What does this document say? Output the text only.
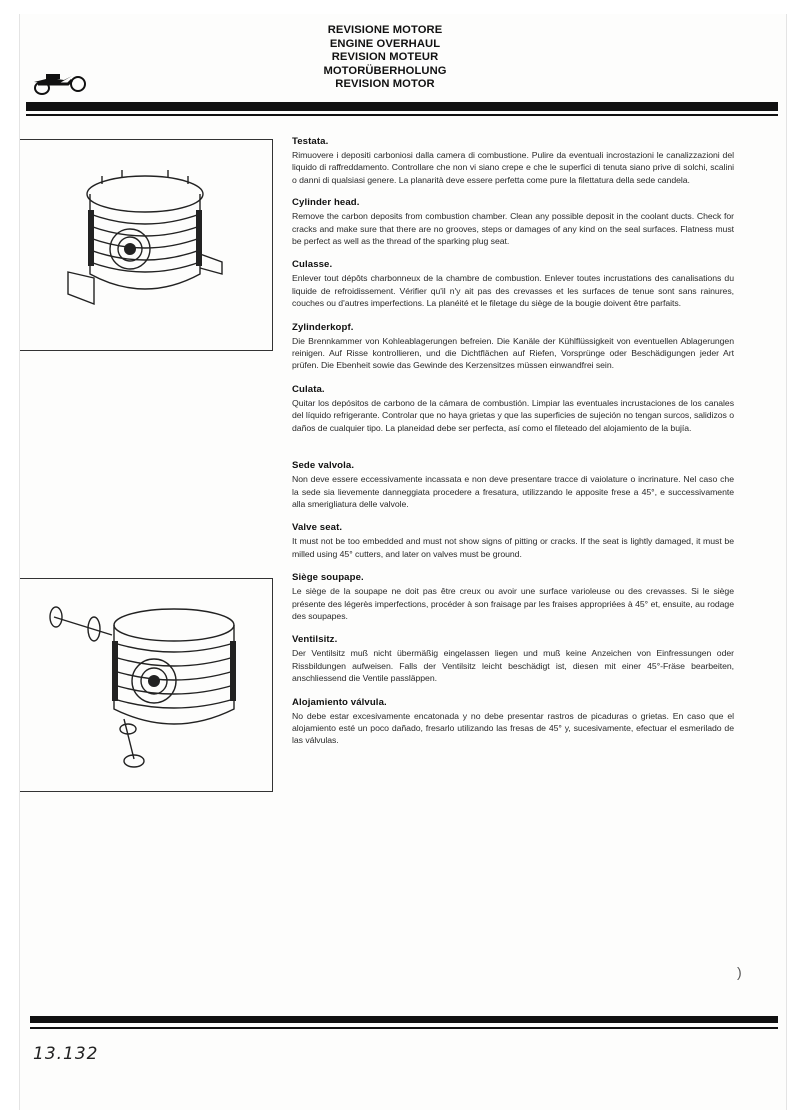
REVISIONE MOTORE
ENGINE OVERHAUL
REVISION MOTEUR
MOTORÜBERHOLUNG
REVISION MOTOR
Testata.

Rimuovere i depositi carboniosi dalla camera di combustione. Pulire da eventuali incrostazioni le canalizzazioni del liquido di raffreddamento. Controllare che non vi siano crepe e che le superfici di tenuta siano prive di solchi, scalini o danni di qualsiasi genere. La planarità deve essere perfetta come pure la filettatura della sede candela.

Cylinder head.

Remove the carbon deposits from combustion chamber. Clean any possible deposit in the coolant ducts. Check for cracks and make sure that there are no grooves, steps or damages of any kind on the seal surfaces. Flatness must be perfect as well as the thread of the sparking plug seat.

Culasse.

Enlever tout dépôts charbonneux de la chambre de combustion. Enlever toutes incrustations des canalisations du liquide de refroidissement. Vérifier qu'il n'y ait pas des crevasses et les surfaces de tenue sont sans rainures, couches ou d'autres imperfections. La planéité et le filetage du siège de la bougie doivent être parfaits.

Zylinderkopf.

Die Brennkammer von Kohleablagerungen befreien. Die Kanäle der Kühlflüssigkeit von eventuellen Ablagerungen reinigen. Auf Risse kontrollieren, und die Dichtflächen auf Riefen, Vorsprünge oder Beschädigungen jeder Art prüfen. Die Ebenheit sowie das Gewinde des Kerzensitzes müssen einwandfrei sein.

Culata.

Quitar los depósitos de carbono de la cámara de combustión. Limpiar las eventuales incrustaciones de los canales del líquido refrigerante. Controlar que no haya grietas y que las superficies de sujeción no tengan surcos, salidizos o daños de cualquier tipo. La planeidad debe ser perfecta, así como el fileteado del alojamiento de la bujía.

Sede valvola.

Non deve essere eccessivamente incassata e non deve presentare tracce di vaiolature o incrinature. Nel caso che la sede sia lievemente danneggiata procedere a fresatura, utilizzando le apposite frese a 45°, e successivamente alla smerigliatura delle valvole.

Valve seat.

It must not be too embedded and must not show signs of pitting or cracks. If the seat is lightly damaged, it must be milled using 45° cutters, and later on valves must be ground.

Siège soupape.

Le siège de la soupape ne doit pas être creux ou avoir une surface varioleuse ou des crevasses. Si le siège présente des légerès imperfections, procéder à son fraisage par les fraises appropriées à 45° et, ensuite, au rodage des soupapes.

Ventilsitz.

Der Ventilsitz muß nicht übermäßig eingelassen liegen und muß keine Anzeichen von Einfressungen oder Rissbildungen aufweisen. Falls der Ventilsitz leicht beschädigt ist, diesen mit einer 45°-Fräse bearbeiten, anschliessend die Ventile passläppen.

Alojamiento válvula.

No debe estar excesivamente encatonada y no debe presentar rastros de picaduras o grietas. En caso que el alojamiento esté un poco dañado, fresarlo utilizando las fresas de 45° y, sucesivamente, efectuar el esmerilado de las válvulas.

)
13.132
